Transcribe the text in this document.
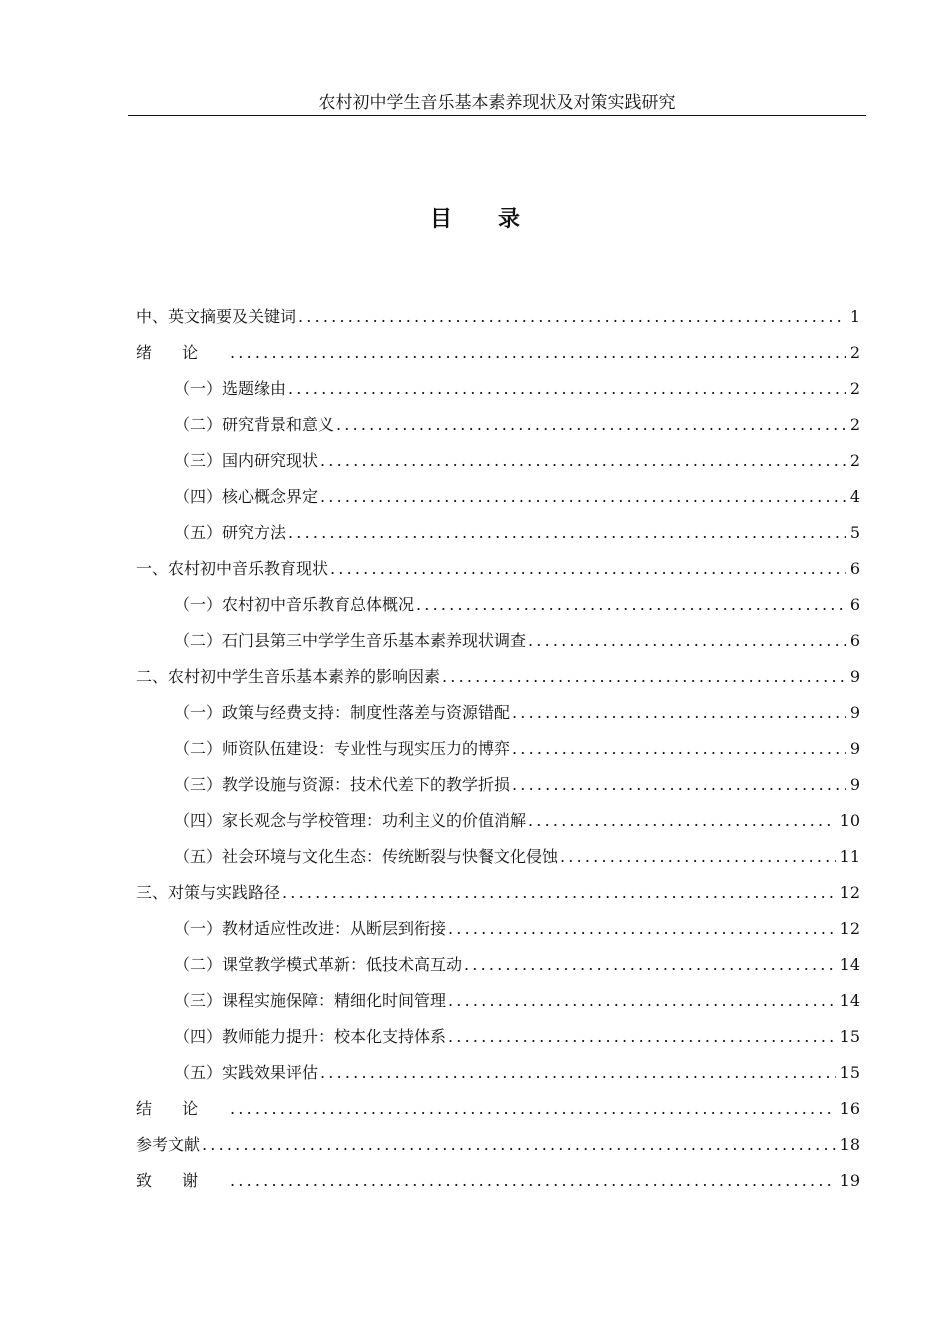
农村初中学生音乐基本素养现状及对策实践研究
目 录
中、英文摘要及关键词 .....	1
绪论 .....	2
（一）选题缘由 .....	2
（二）研究背景和意义 .....	2
（三）国内研究现状 .....	2
（四）核心概念界定 .....	4
（五）研究方法 .....	5
一、农村初中音乐教育现状 .....	6
（一）农村初中音乐教育总体概况 .....	6
（二）石门县第三中学学生音乐基本素养现状调查 .....	6
二、农村初中学生音乐基本素养的影响因素 .....	9
（一）政策与经费支持：制度性落差与资源错配 .....	9
（二）师资队伍建设：专业性与现实压力的博弈 .....	9
（三）教学设施与资源：技术代差下的教学折损 .....	9
（四）家长观念与学校管理：功利主义的价值消解 .....	10
（五）社会环境与文化生态：传统断裂与快餐文化侵蚀 .....	11
三、对策与实践路径 .....	12
（一）教材适应性改进：从断层到衔接 .....	12
（二）课堂教学模式革新：低技术高互动 .....	14
（三）课程实施保障：精细化时间管理 .....	14
（四）教师能力提升：校本化支持体系 .....	15
（五）实践效果评估 .....	15
结论 .....	16
参考文献 .....	18
致谢 .....	19
